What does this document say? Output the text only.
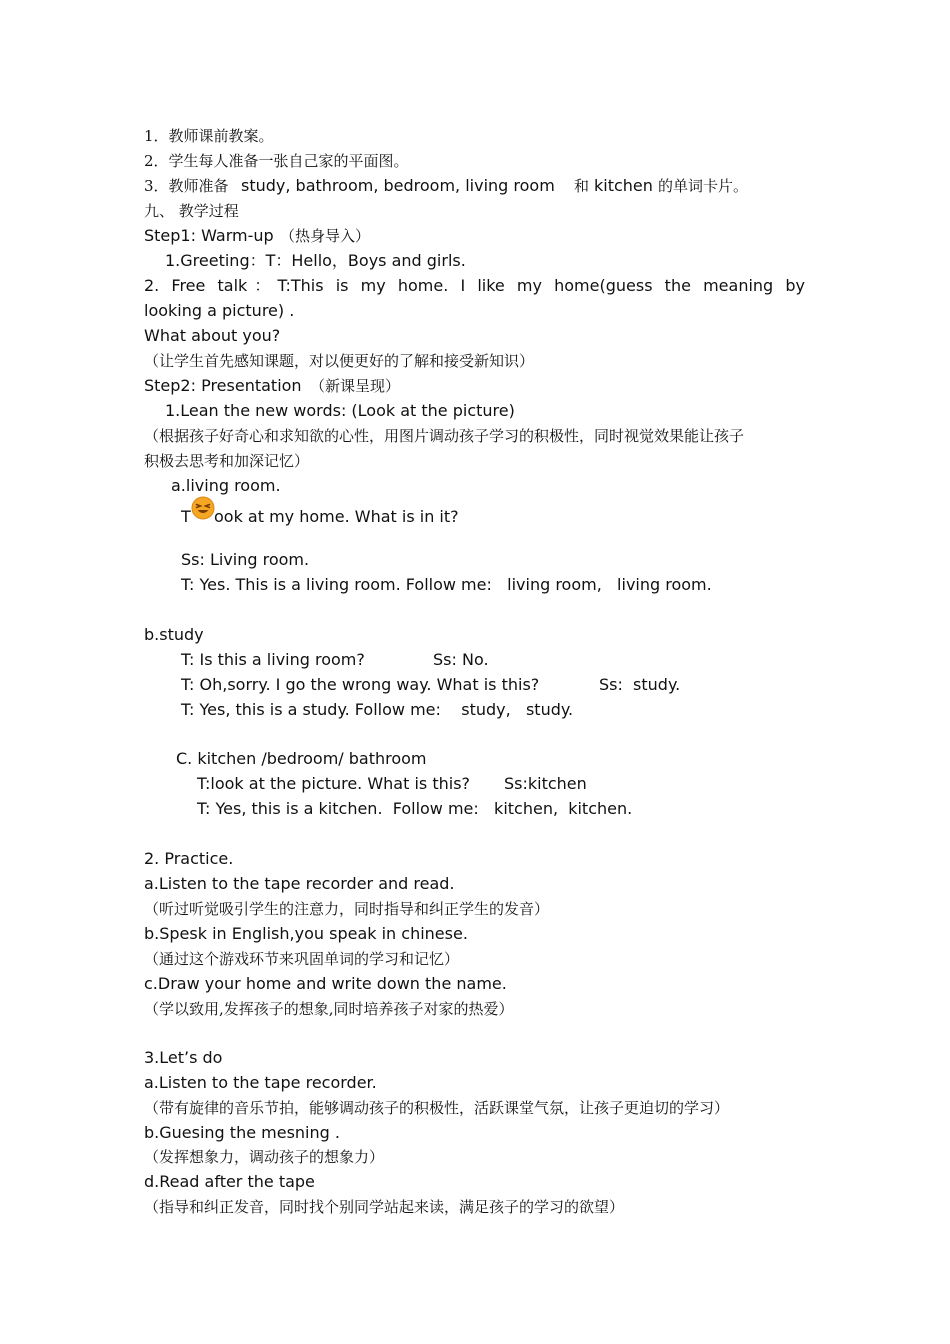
1．教师课前教案。
2．学生每人准备一张自己家的平面图。
3．教师准备 study, bathroom, bedroom, living room 和 kitchen 的单词卡片。
九、 教学过程
Step1: Warm-up （热身导入）
1.Greeting：T：Hello，Boys and girls.
2. Free talk：T:This is my home. I like my home(guess the meaning by
looking a picture) .
What about you?
（让学生首先感知课题，对以便更好的了解和接受新知识）
Step2: Presentation （新课呈现）
1.Lean the new words: (Look at the picture)
（根据孩子好奇心和求知欲的心性，用图片调动孩子学习的积极性，同时视觉效果能让孩子
积极去思考和加深记忆）
a.living room.
T ook at my home. What is in it?
Ss: Living room.
T: Yes. This is a living room. Follow me:   living room,   living room.
b.study
T: Is this a living room?	Ss: No.
T: Oh,sorry. I go the wrong way. What is this?	Ss:  study.
T: Yes, this is a study. Follow me:    study,   study.
C. kitchen /bedroom/ bathroom
T:look at the picture. What is this? Ss:kitchen
T: Yes, this is a kitchen.  Follow me:   kitchen,  kitchen.
2. Practice.
a.Listen to the tape recorder and read.
（听过听觉吸引学生的注意力，同时指导和纠正学生的发音）
b.Spesk in English,you speak in chinese.
（通过这个游戏环节来巩固单词的学习和记忆）
c.Draw your home and write down the name.
（学以致用,发挥孩子的想象,同时培养孩子对家的热爱）
3.Let’s do
a.Listen to the tape recorder.
（带有旋律的音乐节拍，能够调动孩子的积极性，活跃课堂气氛，让孩子更迫切的学习）
b.Guesing the mesning .
（发挥想象力，调动孩子的想象力）
d.Read after the tape
（指导和纠正发音，同时找个别同学站起来读，满足孩子的学习的欲望）
